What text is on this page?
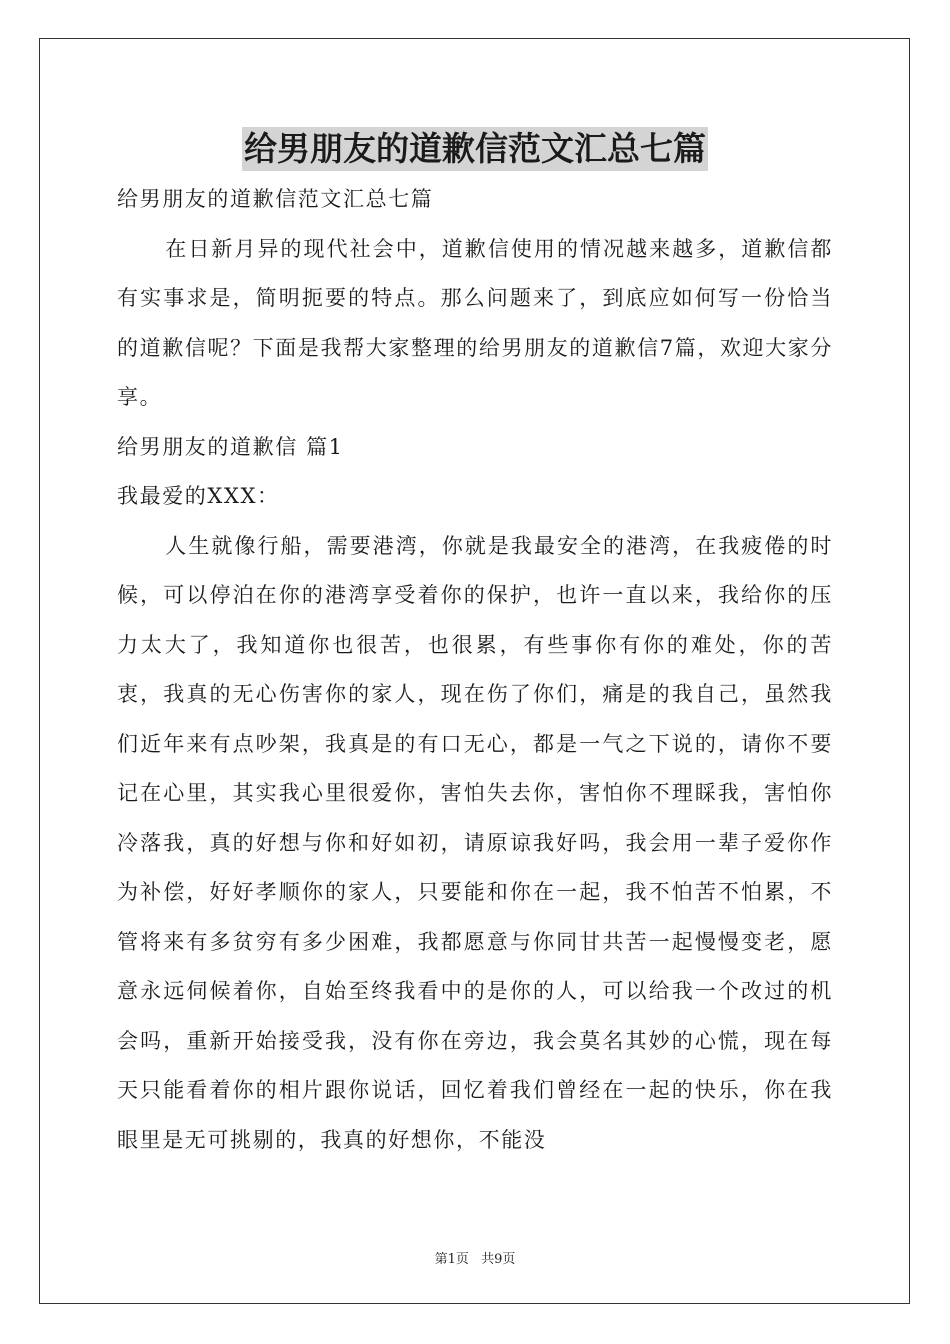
给男朋友的道歉信范文汇总七篇

给男朋友的道歉信范文汇总七篇

在日新月异的现代社会中，道歉信使用的情况越来越多，道歉信都有实事求是，简明扼要的特点。那么问题来了，到底应如何写一份恰当的道歉信呢？下面是我帮大家整理的给男朋友的道歉信7篇，欢迎大家分享。

给男朋友的道歉信 篇1

我最爱的XXX：

人生就像行船，需要港湾，你就是我最安全的港湾，在我疲倦的时候，可以停泊在你的港湾享受着你的保护，也许一直以来，我给你的压力太大了，我知道你也很苦，也很累，有些事你有你的难处，你的苦衷，我真的无心伤害你的家人，现在伤了你们，痛是的我自己，虽然我们近年来有点吵架，我真是的有口无心，都是一气之下说的，请你不要记在心里，其实我心里很爱你，害怕失去你，害怕你不理睬我，害怕你冷落我，真的好想与你和好如初，请原谅我好吗，我会用一辈子爱你作为补偿，好好孝顺你的家人，只要能和你在一起，我不怕苦不怕累，不管将来有多贫穷有多少困难，我都愿意与你同甘共苦一起慢慢变老，愿意永远伺候着你，自始至终我看中的是你的人，可以给我一个改过的机会吗，重新开始接受我，没有你在旁边，我会莫名其妙的心慌，现在每天只能看着你的相片跟你说话，回忆着我们曾经在一起的快乐，你在我眼里是无可挑剔的，我真的好想你，不能没

第1页 共9页
